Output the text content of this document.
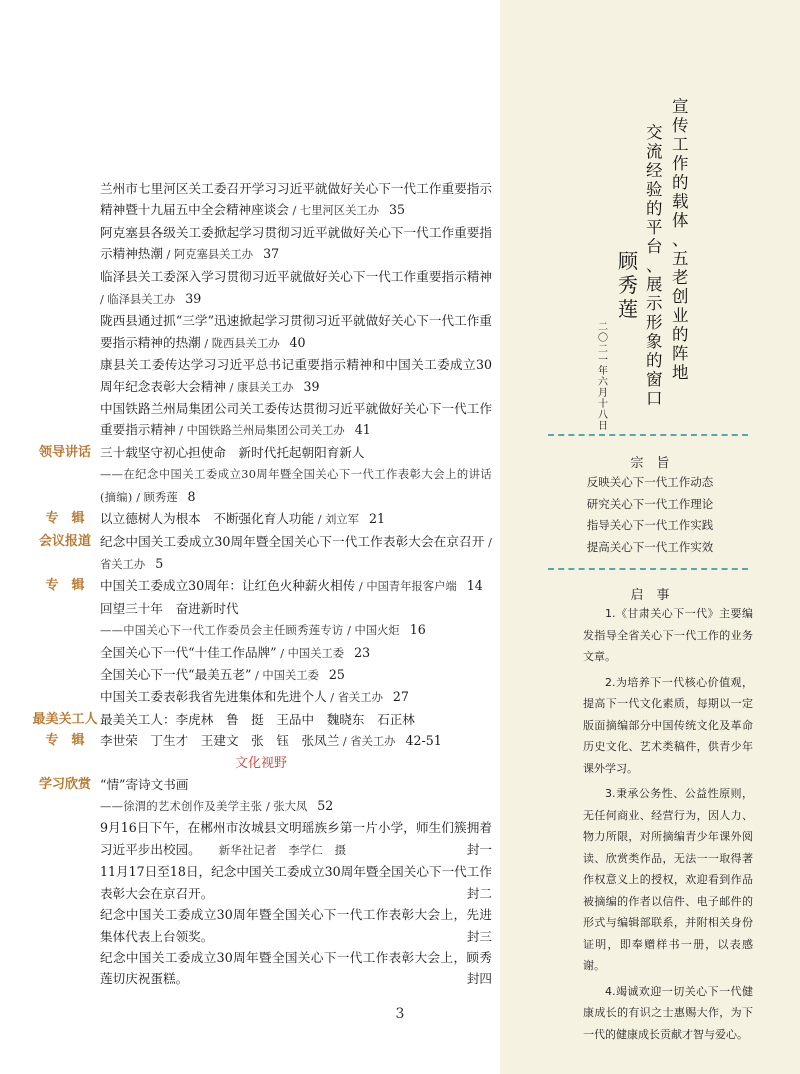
兰州市七里河区关工委召开学习习近平就做好关心下一代工作重要指示精神暨十九届五中全会精神座谈会 / 七里河区关工办 35
阿克塞县各级关工委掀起学习贯彻习近平就做好关心下一代工作重要指示精神热潮 / 阿克塞县关工办 37
临泽县关工委深入学习贯彻习近平就做好关心下一代工作重要指示精神 / 临泽县关工办 39
陇西县通过抓“三学”迅速掀起学习贯彻习近平就做好关心下一代工作重要指示精神的热潮 / 陇西县关工办 40
康县关工委传达学习习近平总书记重要指示精神和中国关工委成立30周年纪念表彰大会精神 / 康县关工办 39
中国铁路兰州局集团公司关工委传达贯彻习近平就做好关心下一代工作重要指示精神 / 中国铁路兰州局集团公司关工办 41
领导讲话 三十载坚守初心担使命　新时代托起朝阳育新人
——在纪念中国关工委成立30周年暨全国关心下一代工作表彰大会上的讲话(摘编) / 顾秀莲 8
专　辑	以立德树人为根本　不断强化育人功能 / 刘立军 21
会议报道 纪念中国关工委成立30周年暨全国关心下一代工作表彰大会在京召开 / 省关工办 5
专　辑	中国关工委成立30周年：让红色火种薪火相传 / 中国青年报客户端 14
回望三十年　奋进新时代
——中国关心下一代工作委员会主任顾秀莲专访 / 中国火炬 16
全国关心下一代“十佳工作品牌” / 中国关工委 23
全国关心下一代“最美五老” / 中国关工委 25
中国关工委表彰我省先进集体和先进个人 / 省关工办 27
最美关工人 最美关工人：李虎林　鲁　挺　王品中　魏晓东　石正林
专　辑	李世荣　丁生才　王建文　张　钰　张凤兰 / 省关工办 42-51
文化视野
学习欣赏 “情”寄诗文书画
——徐渭的艺术创作及美学主张 / 张大凤 52
9月16日下午，在郴州市汝城县文明瑶族乡第一片小学，师生们簇拥着习近平步出校园。 新华社记者　李学仁　摄	封一
11月17日至18日，纪念中国关工委成立30周年暨全国关心下一代工作表彰大会在京召开。	封二
纪念中国关工委成立30周年暨全国关心下一代工作表彰大会上，先进集体代表上台领奖。	封三
纪念中国关工委成立30周年暨全国关心下一代工作表彰大会上，顾秀莲切庆祝蛋糕。	封四
3
宣传工作的载体、五老创业的阵地
交流经验的平台、展示形象的窗口
顾秀莲
二〇二一年六月十八日
宗　旨
反映关心下一代工作动态
研究关心下一代工作理论
指导关心下一代工作实践
提高关心下一代工作实效
启　事

1.《甘肃关心下一代》主要编发指导全省关心下一代工作的业务文章。

2.为培养下一代核心价值观，提高下一代文化素质，每期以一定版面摘编部分中国传统文化及革命历史文化、艺术类稿件，供青少年课外学习。

3.秉承公务性、公益性原则，无任何商业、经营行为，因人力、物力所限，对所摘编青少年课外阅读、欣赏类作品，无法一一取得著作权意义上的授权，欢迎看到作品被摘编的作者以信件、电子邮件的形式与编辑部联系，并附相关身份证明，即奉赠样书一册，以表感谢。

4.竭诚欢迎一切关心下一代健康成长的有识之士惠赐大作，为下一代的健康成长贡献才智与爱心。
